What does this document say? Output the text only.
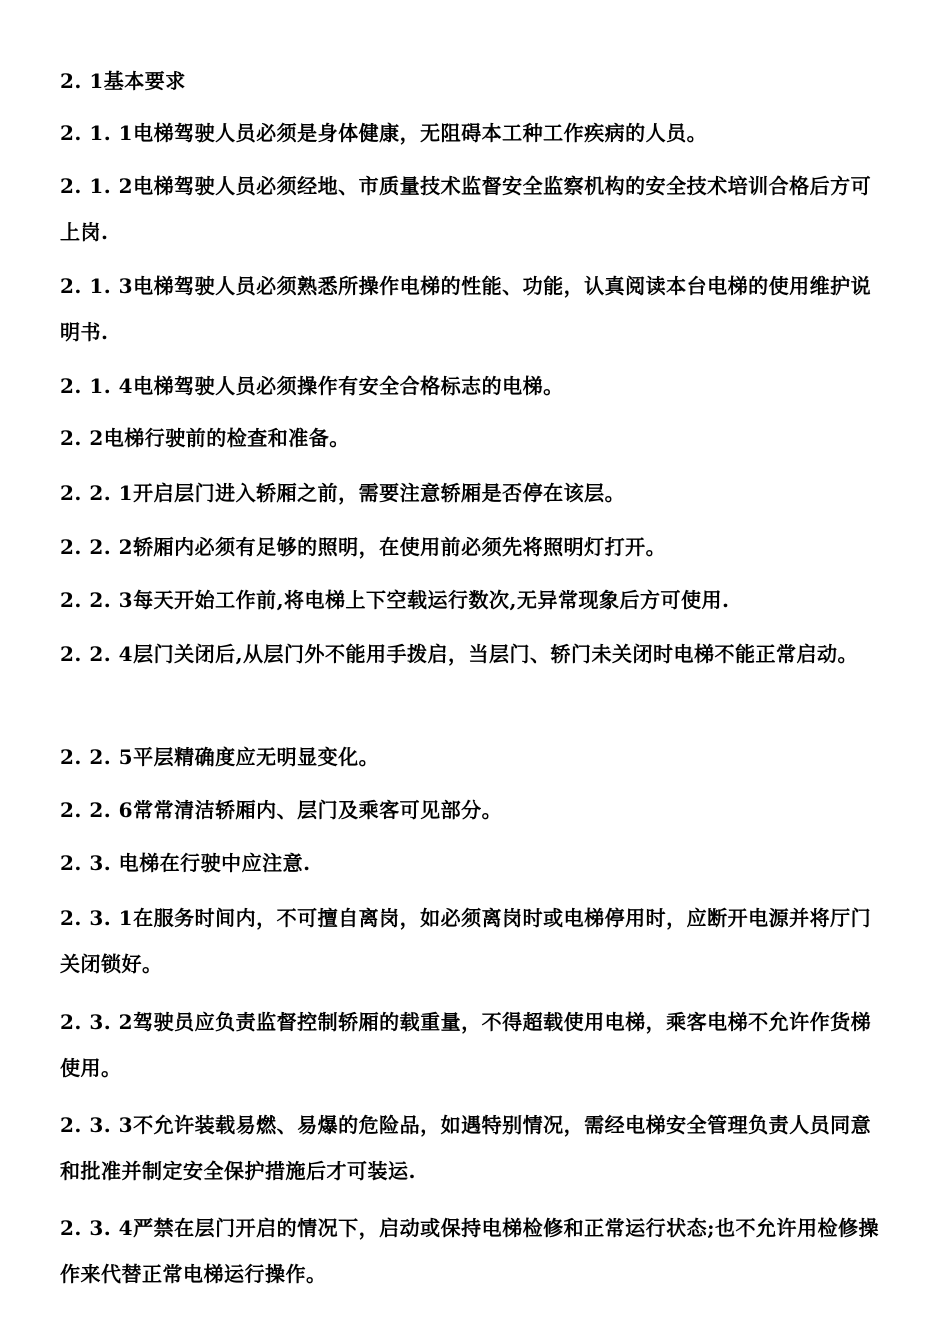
2. 1基本要求
2. 1. 1电梯驾驶人员必须是身体健康，无阻碍本工种工作疾病的人员。
2. 1. 2电梯驾驶人员必须经地、市质量技术监督安全监察机构的安全技术培训合格后方可上岗.
2. 1. 3电梯驾驶人员必须熟悉所操作电梯的性能、功能，认真阅读本台电梯的使用维护说明书.
2. 1. 4电梯驾驶人员必须操作有安全合格标志的电梯。
2. 2电梯行驶前的检查和准备。
2. 2. 1开启层门进入轿厢之前，需要注意轿厢是否停在该层。
2. 2. 2轿厢内必须有足够的照明，在使用前必须先将照明灯打开。
2. 2. 3每天开始工作前,将电梯上下空载运行数次,无异常现象后方可使用.
2. 2. 4层门关闭后,从层门外不能用手拨启，当层门、轿门未关闭时电梯不能正常启动。
2. 2. 5平层精确度应无明显变化。
2. 2. 6常常清洁轿厢内、层门及乘客可见部分。
2. 3. 电梯在行驶中应注意.
2. 3. 1在服务时间内，不可擅自离岗，如必须离岗时或电梯停用时，应断开电源并将厅门关闭锁好。
2. 3. 2驾驶员应负责监督控制轿厢的载重量，不得超载使用电梯，乘客电梯不允许作货梯使用。
2. 3. 3不允许装载易燃、易爆的危险品，如遇特别情况，需经电梯安全管理负责人员同意和批准并制定安全保护措施后才可装运.
2. 3. 4严禁在层门开启的情况下，启动或保持电梯检修和正常运行状态;也不允许用检修操作来代替正常电梯运行操作。
